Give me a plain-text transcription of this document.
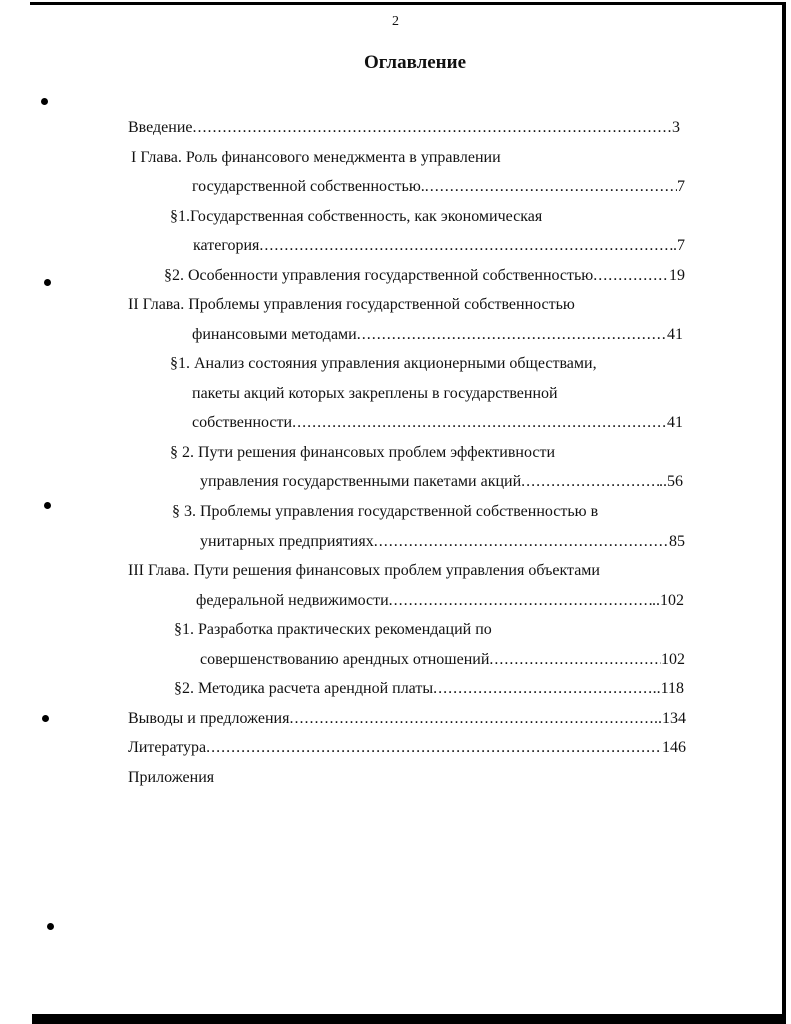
2
Оглавление
Введение .....	3
I Глава. Роль финансового менеджмента в управлении
государственной собственностью. .....	7
§1.Государственная собственность, как экономическая
категория .....	.7
§2. Особенности управления государственной собственностью .....	19
II Глава. Проблемы управления государственной собственностью
финансовыми методами .....	41
§1. Анализ состояния управления акционерными обществами,
пакеты акций которых закреплены в государственной
собственности .....	41
§ 2. Пути решения финансовых проблем эффективности
управления государственными пакетами акций .....	..56
§ 3. Проблемы управления государственной собственностью в
унитарных предприятиях .....	85
III Глава. Пути решения финансовых проблем управления объектами
федеральной недвижимости .....	..102
§1. Разработка практических рекомендаций по
совершенствованию арендных отношений .....	102
§2. Методика расчета арендной платы .....	..118
Выводы и предложения .....	..134
Литература .....	146
Приложения
